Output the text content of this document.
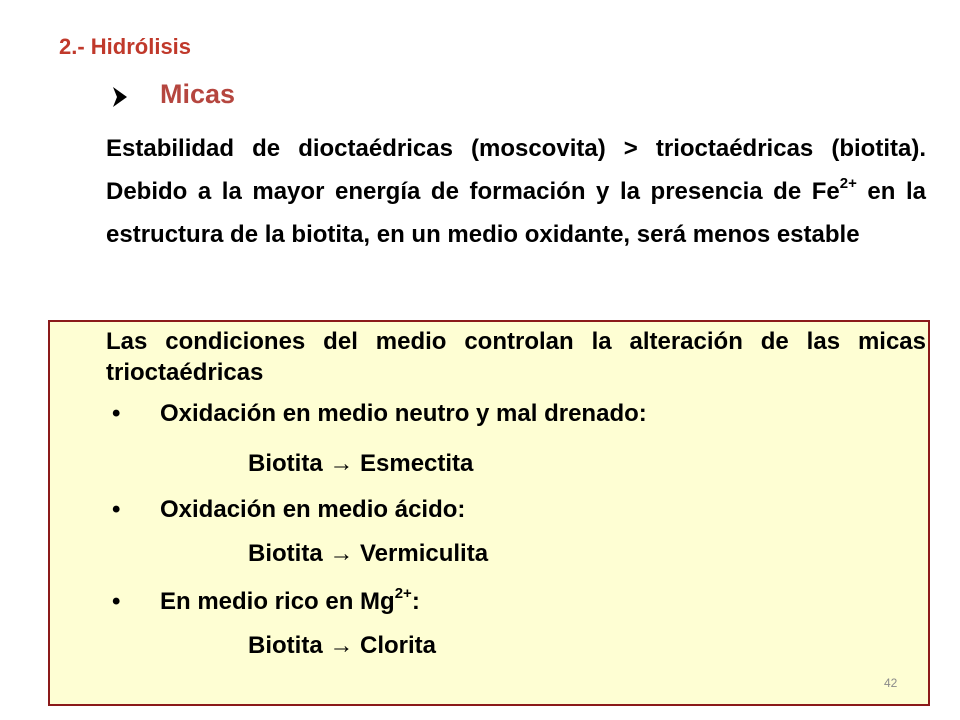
2.- Hidrólisis
Micas
Estabilidad de dioctaédricas (moscovita) > trioctaédricas (biotita). Debido a la mayor energía de formación y la presencia de $Fe^{2+}$ en la estructura de la biotita, en un medio oxidante, será menos estable
Las condiciones del medio controlan la alteración de las micas trioctaédricas
• Oxidación en medio neutro y mal drenado:
Biotita → Esmectita
• Oxidación en medio ácido:
Biotita → Vermiculita
• En medio rico en $Mg^{2+}$:
Biotita → Clorita
42
